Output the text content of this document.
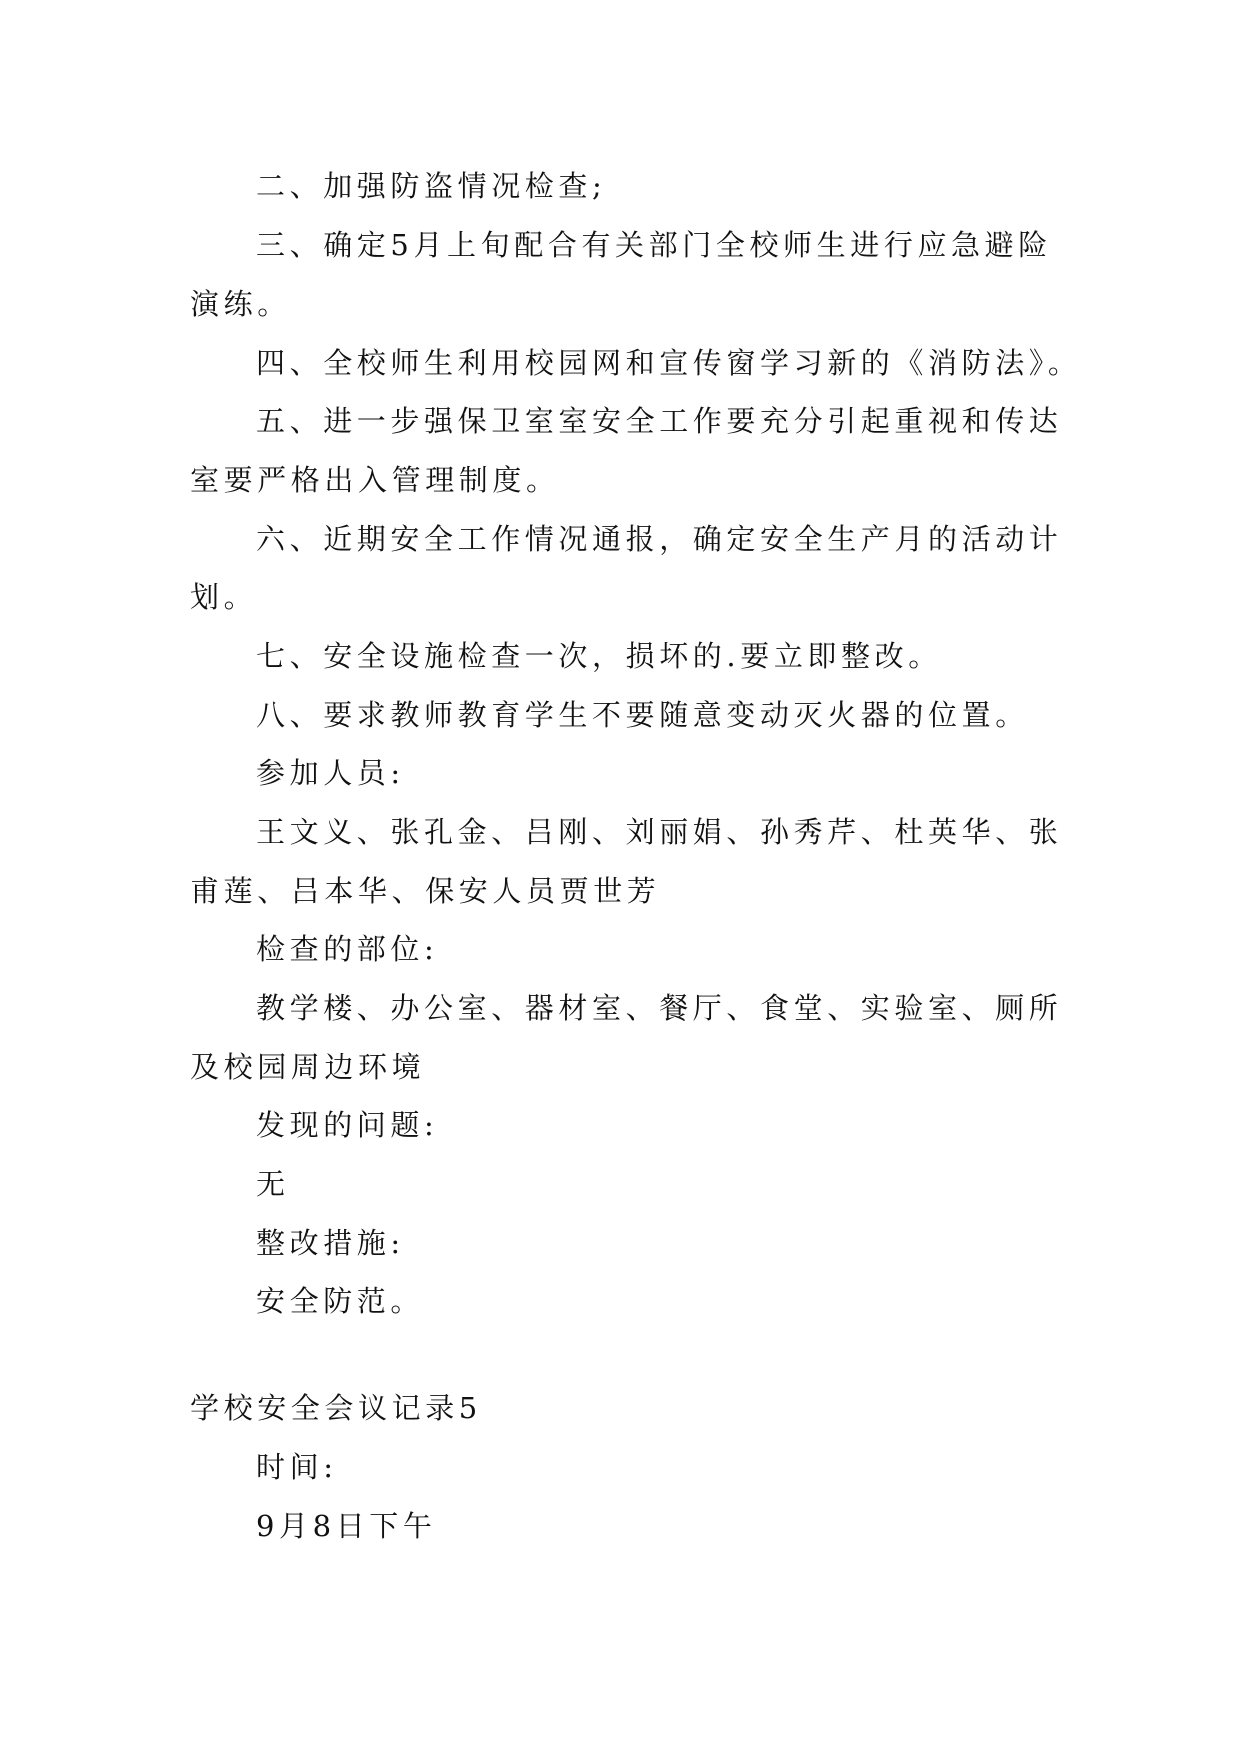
二、加强防盗情况检查;
三、确定5月上旬配合有关部门全校师生进行应急避险
演练。
四、全校师生利用校园网和宣传窗学习新的《消防法》。
五、进一步强保卫室室安全工作要充分引起重视和传达
室要严格出入管理制度。
六、近期安全工作情况通报，确定安全生产月的活动计
划。
七、安全设施检查一次，损坏的.要立即整改。
八、要求教师教育学生不要随意变动灭火器的位置。
参加人员:
王文义、张孔金、吕刚、刘丽娟、孙秀芹、杜英华、张
甫莲、吕本华、保安人员贾世芳
检查的部位:
教学楼、办公室、器材室、餐厅、食堂、实验室、厕所
及校园周边环境
发现的问题:
无
整改措施:
安全防范。
学校安全会议记录5
时间:
9月8日下午
